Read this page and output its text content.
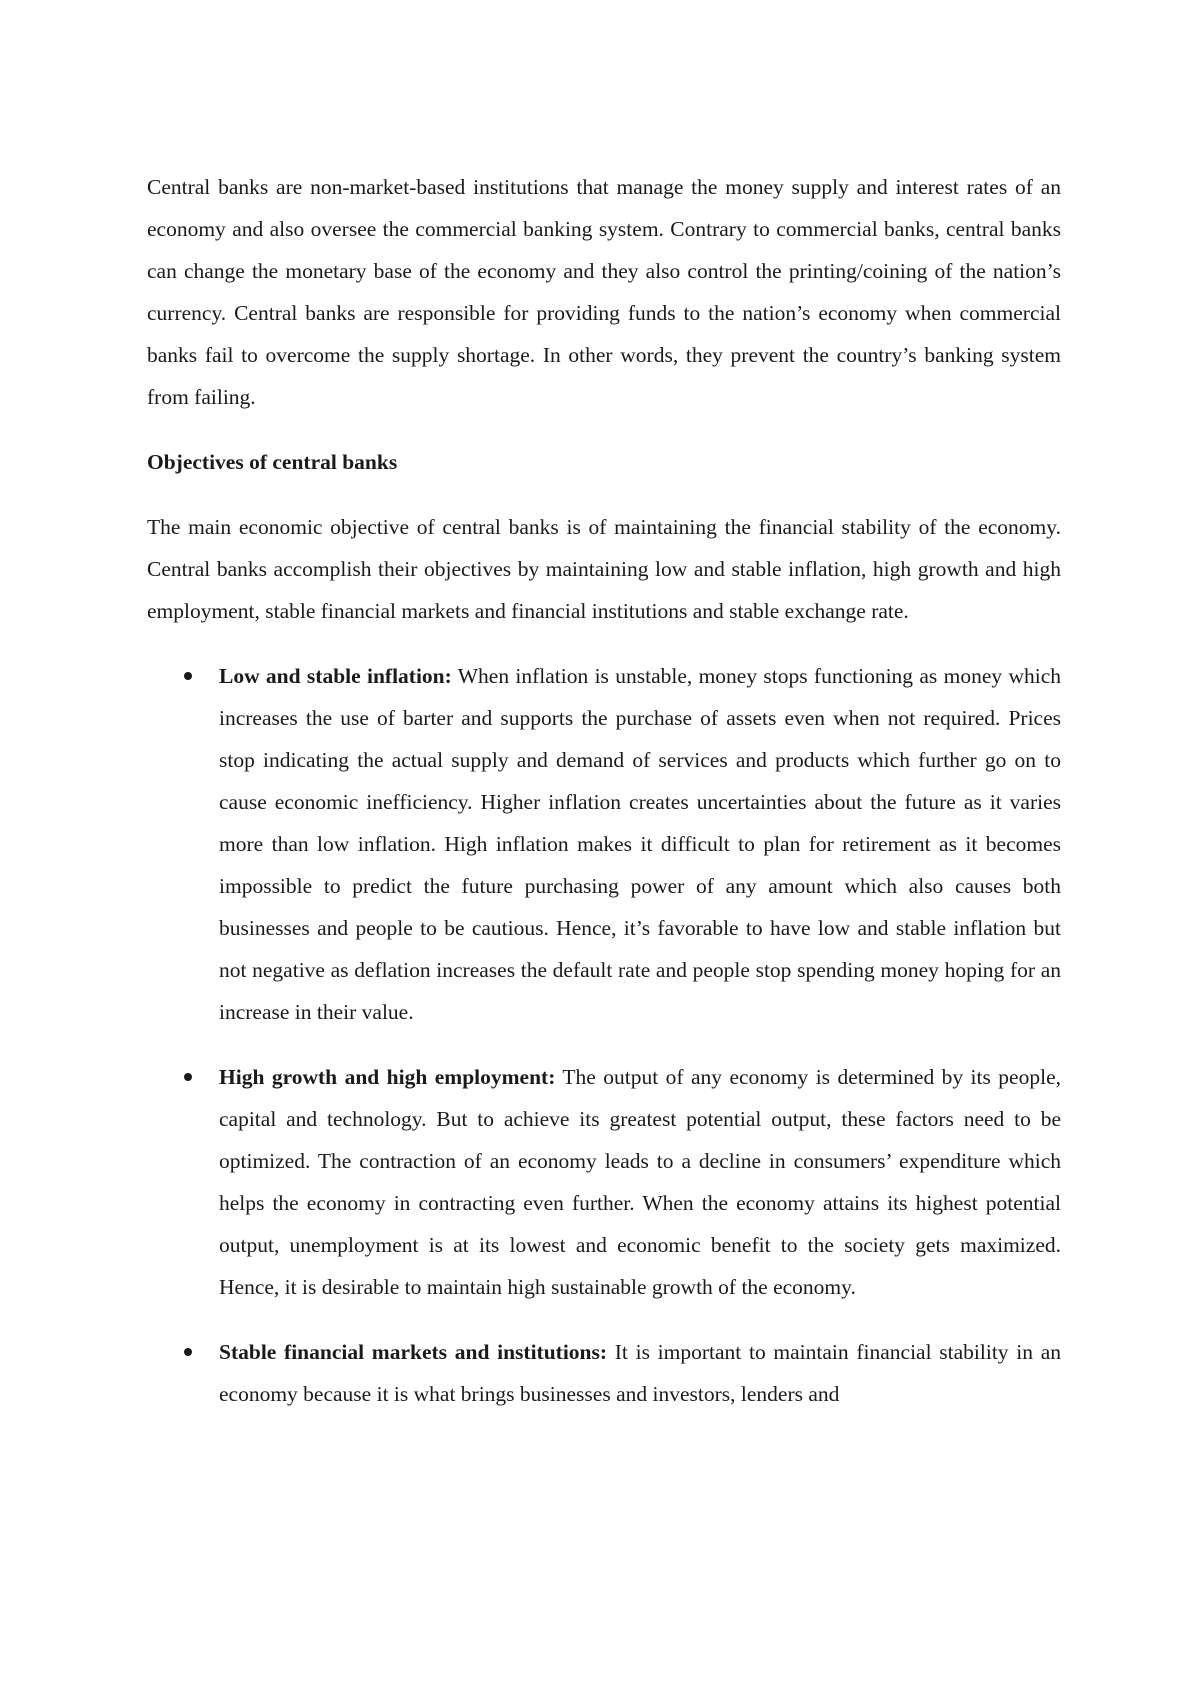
Central banks are non-market-based institutions that manage the money supply and interest rates of an economy and also oversee the commercial banking system. Contrary to commercial banks, central banks can change the monetary base of the economy and they also control the printing/coining of the nation’s currency. Central banks are responsible for providing funds to the nation’s economy when commercial banks fail to overcome the supply shortage. In other words, they prevent the country’s banking system from failing.

Objectives of central banks

The main economic objective of central banks is of maintaining the financial stability of the economy. Central banks accomplish their objectives by maintaining low and stable inflation, high growth and high employment, stable financial markets and financial institutions and stable exchange rate.

Low and stable inflation: When inflation is unstable, money stops functioning as money which increases the use of barter and supports the purchase of assets even when not required. Prices stop indicating the actual supply and demand of services and products which further go on to cause economic inefficiency. Higher inflation creates uncertainties about the future as it varies more than low inflation. High inflation makes it difficult to plan for retirement as it becomes impossible to predict the future purchasing power of any amount which also causes both businesses and people to be cautious. Hence, it’s favorable to have low and stable inflation but not negative as deflation increases the default rate and people stop spending money hoping for an increase in their value.
High growth and high employment: The output of any economy is determined by its people, capital and technology. But to achieve its greatest potential output, these factors need to be optimized. The contraction of an economy leads to a decline in consumers’ expenditure which helps the economy in contracting even further. When the economy attains its highest potential output, unemployment is at its lowest and economic benefit to the society gets maximized. Hence, it is desirable to maintain high sustainable growth of the economy.
Stable financial markets and institutions: It is important to maintain financial stability in an economy because it is what brings businesses and investors, lenders and
